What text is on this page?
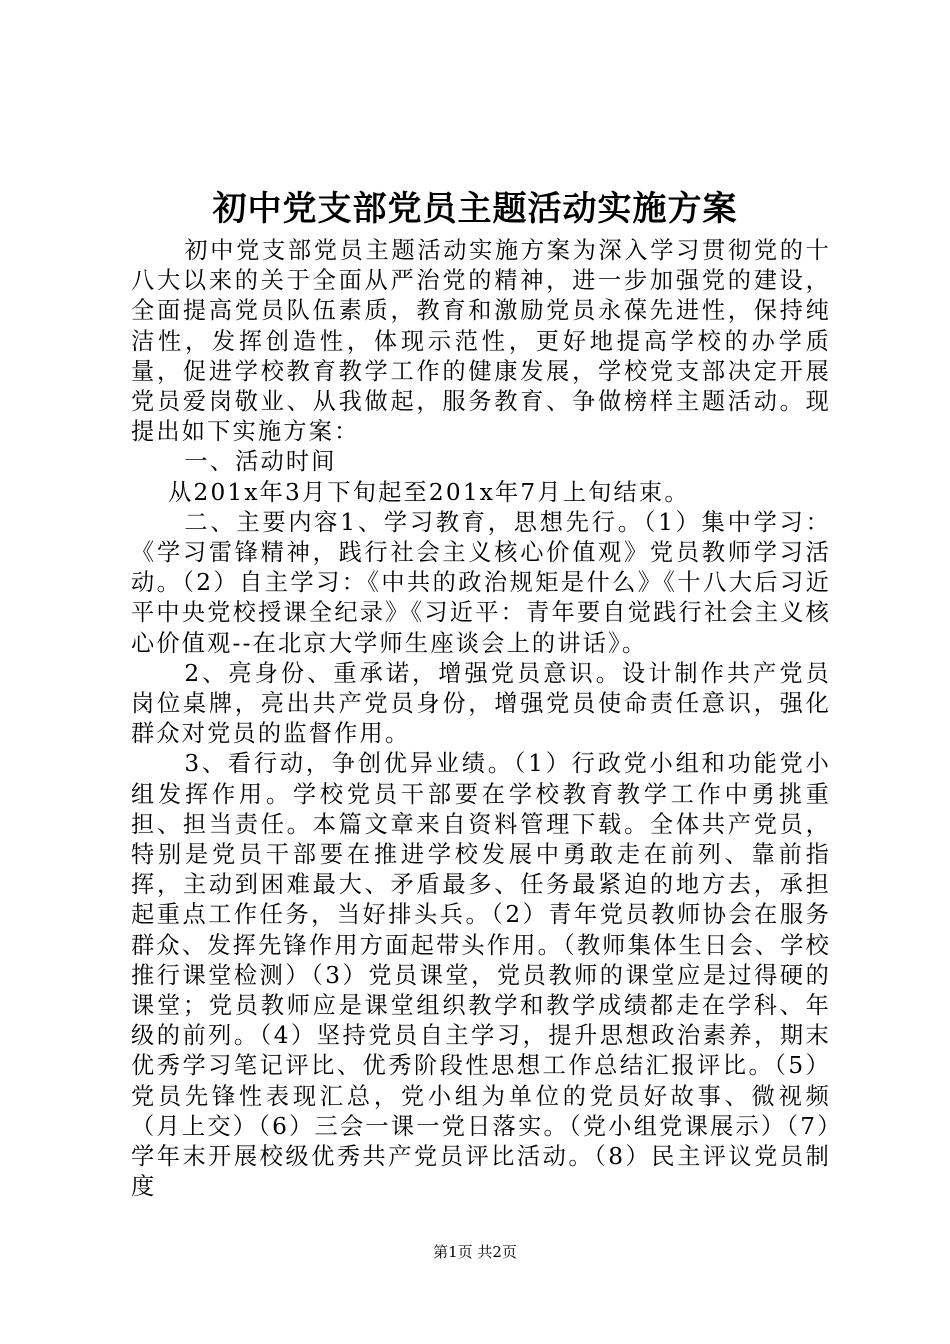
初中党支部党员主题活动实施方案

初中党支部党员主题活动实施方案为深入学习贯彻党的十八大以来的关于全面从严治党的精神，进一步加强党的建设，全面提高党员队伍素质，教育和激励党员永葆先进性，保持纯洁性，发挥创造性，体现示范性，更好地提高学校的办学质量，促进学校教育教学工作的健康发展，学校党支部决定开展党员爱岗敬业、从我做起，服务教育、争做榜样主题活动。现提出如下实施方案：

一、活动时间

从201x年3月下旬起至201x年7月上旬结束。

二、主要内容1、学习教育，思想先行。（1）集中学习：《学习雷锋精神，践行社会主义核心价值观》党员教师学习活动。（2）自主学习：《中共的政治规矩是什么》《十八大后习近平中央党校授课全纪录》《习近平：青年要自觉践行社会主义核心价值观--在北京大学师生座谈会上的讲话》。

2、亮身份、重承诺，增强党员意识。设计制作共产党员岗位桌牌，亮出共产党员身份，增强党员使命责任意识，强化群众对党员的监督作用。

3、看行动，争创优异业绩。（1）行政党小组和功能党小组发挥作用。学校党员干部要在学校教育教学工作中勇挑重担、担当责任。本篇文章来自资料管理下载。全体共产党员，特别是党员干部要在推进学校发展中勇敢走在前列、靠前指挥，主动到困难最大、矛盾最多、任务最紧迫的地方去，承担起重点工作任务，当好排头兵。（2）青年党员教师协会在服务群众、发挥先锋作用方面起带头作用。（教师集体生日会、学校推行课堂检测）（3）党员课堂，党员教师的课堂应是过得硬的课堂；党员教师应是课堂组织教学和教学成绩都走在学科、年级的前列。（4）坚持党员自主学习，提升思想政治素养，期末优秀学习笔记评比、优秀阶段性思想工作总结汇报评比。（5）党员先锋性表现汇总，党小组为单位的党员好故事、微视频（月上交）（6）三会一课一党日落实。（党小组党课展示）（7）学年末开展校级优秀共产党员评比活动。（8）民主评议党员制度

第1页 共2页
